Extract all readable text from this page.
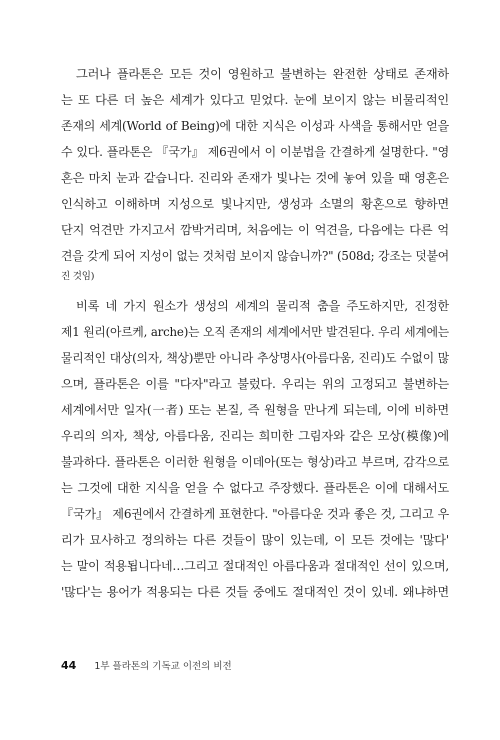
그러나 플라톤은 모든 것이 영원하고 불변하는 완전한 상태로 존재하
는 또 다른 더 높은 세계가 있다고 믿었다. 눈에 보이지 않는 비물리적인
존재의 세계(World of Being)에 대한 지식은 이성과 사색을 통해서만 얻을
수 있다. 플라톤은 『국가』 제6권에서 이 이분법을 간결하게 설명한다. "영
혼은 마치 눈과 같습니다. 진리와 존재가 빛나는 것에 놓여 있을 때 영혼은
인식하고 이해하며 지성으로 빛나지만, 생성과 소멸의 황혼으로 향하면
단지 억견만 가지고서 깜박거리며, 처음에는 이 억견을, 다음에는 다른 억
견을 갖게 되어 지성이 없는 것처럼 보이지 않습니까?" (508d; 강조는 덧붙여
진 것임)
비록 네 가지 원소가 생성의 세계의 물리적 춤을 주도하지만, 진정한
제1 원리(아르케, arche)는 오직 존재의 세계에서만 발견된다. 우리 세계에는
물리적인 대상(의자, 책상)뿐만 아니라 추상명사(아름다움, 진리)도 수없이 많
으며, 플라톤은 이를 "다자"라고 불렀다. 우리는 위의 고정되고 불변하는
세계에서만 일자(一者) 또는 본질, 즉 원형을 만나게 되는데, 이에 비하면
우리의 의자, 책상, 아름다움, 진리는 희미한 그림자와 같은 모상(模像)에
불과하다. 플라톤은 이러한 원형을 이데아(또는 형상)라고 부르며, 감각으로
는 그것에 대한 지식을 얻을 수 없다고 주장했다. 플라톤은 이에 대해서도
『국가』 제6권에서 간결하게 표현한다. "아름다운 것과 좋은 것, 그리고 우
리가 묘사하고 정의하는 다른 것들이 많이 있는데, 이 모든 것에는 '많다'
는 말이 적용됩니다네…그리고 절대적인 아름다움과 절대적인 선이 있으며,
'많다'는 용어가 적용되는 다른 것들 중에도 절대적인 것이 있네. 왜냐하면
44 1부 플라톤의 기독교 이전의 비전
